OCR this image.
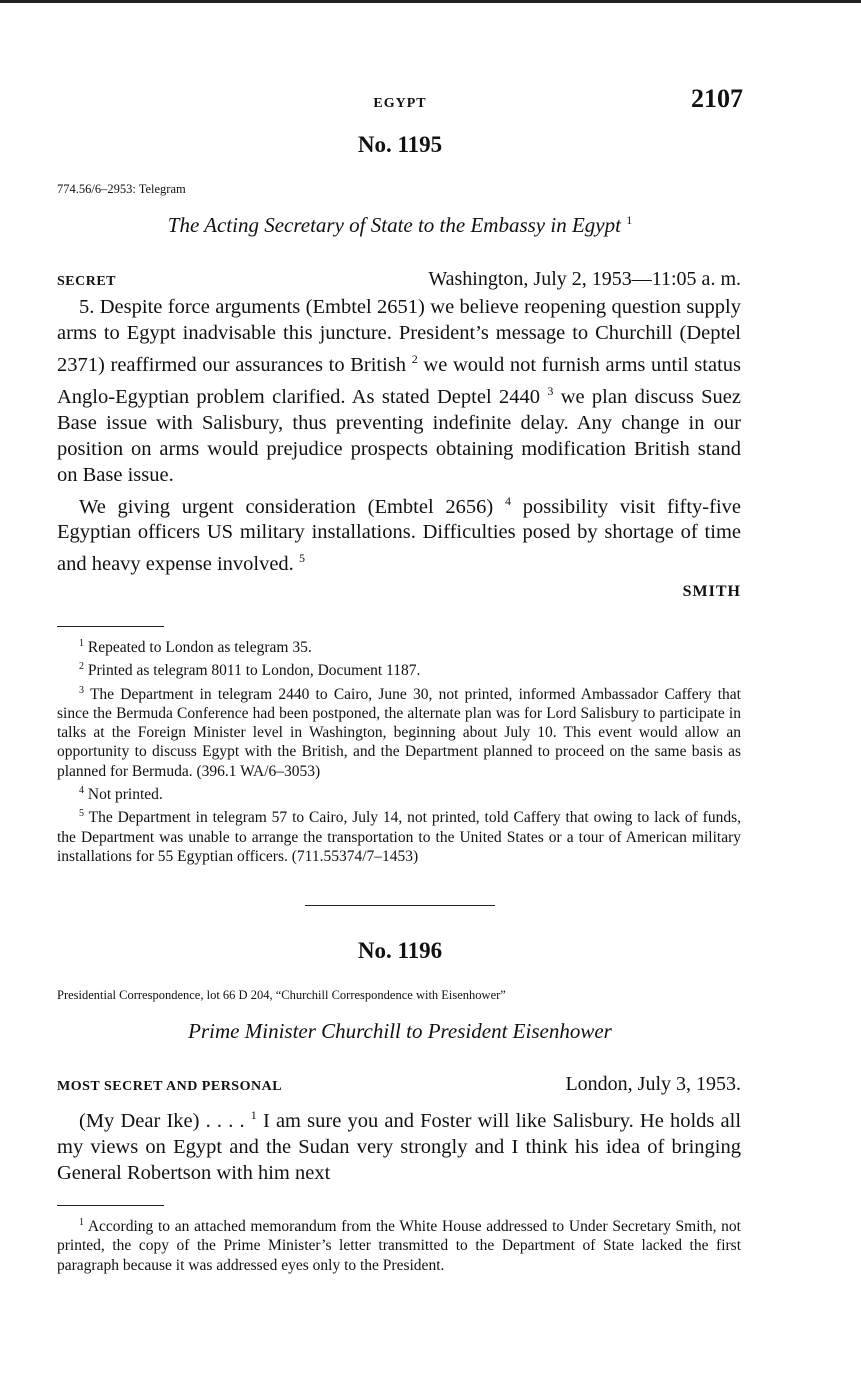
EGYPT	2107
No. 1195
774.56/6–2953: Telegram
The Acting Secretary of State to the Embassy in Egypt $^1$
SECRET	Washington, July 2, 1953—11:05 a. m.

5. Despite force arguments (Embtel 2651) we believe reopening question supply arms to Egypt inadvisable this juncture. President’s message to Churchill (Deptel 2371) reaffirmed our assurances to British $^2$ we would not furnish arms until status Anglo-Egyptian problem clarified. As stated Deptel 2440 $^3$ we plan discuss Suez Base issue with Salisbury, thus preventing indefinite delay. Any change in our position on arms would prejudice prospects obtaining modification British stand on Base issue.

We giving urgent consideration (Embtel 2656) $^4$ possibility visit fifty-five Egyptian officers US military installations. Difficulties posed by shortage of time and heavy expense involved. $^5$

SMITH

$^1$ Repeated to London as telegram 35.

$^2$ Printed as telegram 8011 to London, Document 1187.

$^3$ The Department in telegram 2440 to Cairo, June 30, not printed, informed Ambassador Caffery that since the Bermuda Conference had been postponed, the alternate plan was for Lord Salisbury to participate in talks at the Foreign Minister level in Washington, beginning about July 10. This event would allow an opportunity to discuss Egypt with the British, and the Department planned to proceed on the same basis as planned for Bermuda. (396.1 WA/6–3053)

$^4$ Not printed.

$^5$ The Department in telegram 57 to Cairo, July 14, not printed, told Caffery that owing to lack of funds, the Department was unable to arrange the transportation to the United States or a tour of American military installations for 55 Egyptian officers. (711.55374/7–1453)

No. 1196
Presidential Correspondence, lot 66 D 204, “Churchill Correspondence with Eisenhower”
Prime Minister Churchill to President Eisenhower
MOST SECRET AND PERSONAL	London, July 3, 1953.

(My Dear Ike) . . . . $^1$ I am sure you and Foster will like Salisbury. He holds all my views on Egypt and the Sudan very strongly and I think his idea of bringing General Robertson with him next

$^1$ According to an attached memorandum from the White House addressed to Under Secretary Smith, not printed, the copy of the Prime Minister’s letter transmitted to the Department of State lacked the first paragraph because it was addressed eyes only to the President.
